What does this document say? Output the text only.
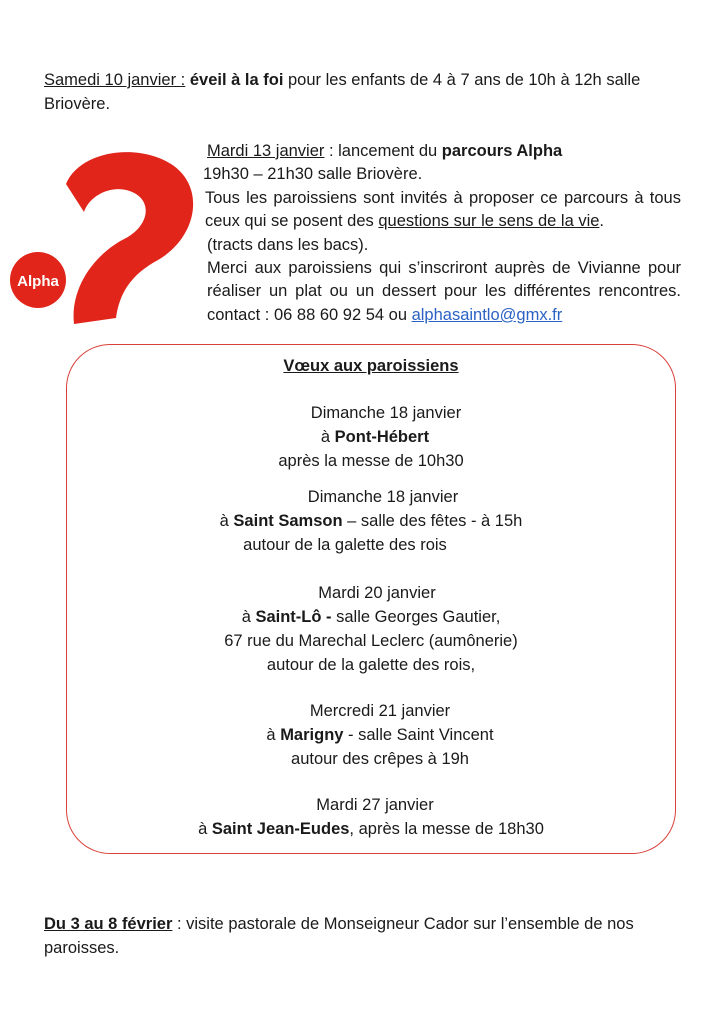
Samedi 10 janvier : éveil à la foi pour les enfants de 4 à 7 ans de 10h à 12h salle Briovère.
Alpha
Mardi 13 janvier : lancement du parcours Alpha
19h30 – 21h30 salle Briovère.
Tous les paroissiens sont invités à proposer ce parcours à tous ceux qui se posent des questions sur le sens de la vie.
(tracts dans les bacs).
Merci aux paroissiens qui s’inscriront auprès de Vivianne pour réaliser un plat ou un dessert pour les différentes rencontres. contact : 06 88 60 92 54 ou alphasaintlo@gmx.fr
Vœux aux paroissiens
Dimanche 18 janvier
à Pont-Hébert
après la messe de 10h30
Dimanche 18 janvier
à Saint Samson – salle des fêtes - à 15h
autour de la galette des rois
Mardi 20 janvier
à Saint-Lô - salle Georges Gautier,
67 rue du Marechal Leclerc (aumônerie)
autour de la galette des rois,
Mercredi 21 janvier
à Marigny - salle Saint Vincent
autour des crêpes à 19h
Mardi 27 janvier
à Saint Jean-Eudes, après la messe de 18h30
Du 3 au 8 février : visite pastorale de Monseigneur Cador sur l’ensemble de nos paroisses.
